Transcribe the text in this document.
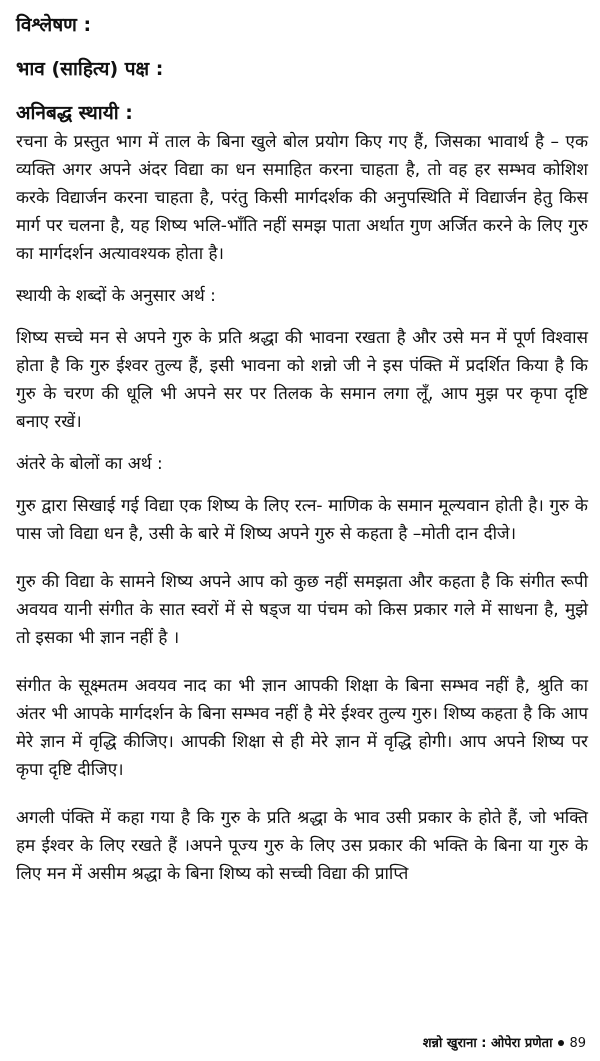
विश्लेषण :
भाव (साहित्य) पक्ष :
अनिबद्ध स्थायी :

रचना के प्रस्तुत भाग में ताल के बिना खुले बोल प्रयोग किए गए हैं, जिसका भावार्थ है – एक व्यक्ति अगर अपने अंदर विद्या का धन समाहित करना चाहता है, तो वह हर सम्भव कोशिश करके विद्यार्जन करना चाहता है, परंतु किसी मार्गदर्शक की अनुपस्थिति में विद्यार्जन हेतु किस मार्ग पर चलना है, यह शिष्य भलि-भाँति नहीं समझ पाता अर्थात गुण अर्जित करने के लिए गुरु का मार्गदर्शन अत्यावश्यक होता है।

स्थायी के शब्दों के अनुसार अर्थ :

शिष्य सच्चे मन से अपने गुरु के प्रति श्रद्धा की भावना रखता है और उसे मन में पूर्ण विश्वास होता है कि गुरु ईश्वर तुल्य हैं, इसी भावना को शन्नो जी ने इस पंक्ति में प्रदर्शित किया है कि गुरु के चरण की धूलि भी अपने सर पर तिलक के समान लगा लूँ, आप मुझ पर कृपा दृष्टि बनाए रखें।

अंतरे के बोलों का अर्थ :

गुरु द्वारा सिखाई गई विद्या एक शिष्य के लिए रत्न- माणिक के समान मूल्यवान होती है। गुरु के पास जो विद्या धन है, उसी के बारे में शिष्य अपने गुरु से कहता है –मोती दान दीजे।

गुरु की विद्या के सामने शिष्य अपने आप को कुछ नहीं समझता और कहता है कि संगीत रूपी अवयव यानी संगीत के सात स्वरों में से षड्ज या पंचम को किस प्रकार गले में साधना है, मुझे तो इसका भी ज्ञान नहीं है ।

संगीत के सूक्ष्मतम अवयव नाद का भी ज्ञान आपकी शिक्षा के बिना सम्भव नहीं है, श्रुति का अंतर भी आपके मार्गदर्शन के बिना सम्भव नहीं है मेरे ईश्वर तुल्य गुरु। शिष्य कहता है कि आप मेरे ज्ञान में वृद्धि कीजिए। आपकी शिक्षा से ही मेरे ज्ञान में वृद्धि होगी। आप अपने शिष्य पर कृपा दृष्टि दीजिए।

अगली पंक्ति में कहा गया है कि गुरु के प्रति श्रद्धा के भाव उसी प्रकार के होते हैं, जो भक्ति हम ईश्वर के लिए रखते हैं ।अपने पूज्य गुरु के लिए उस प्रकार की भक्ति के बिना या गुरु के लिए मन में असीम श्रद्धा के बिना शिष्य को सच्ची विद्या की प्राप्ति

शन्नो खुराना : ओपेरा प्रणेता 89
